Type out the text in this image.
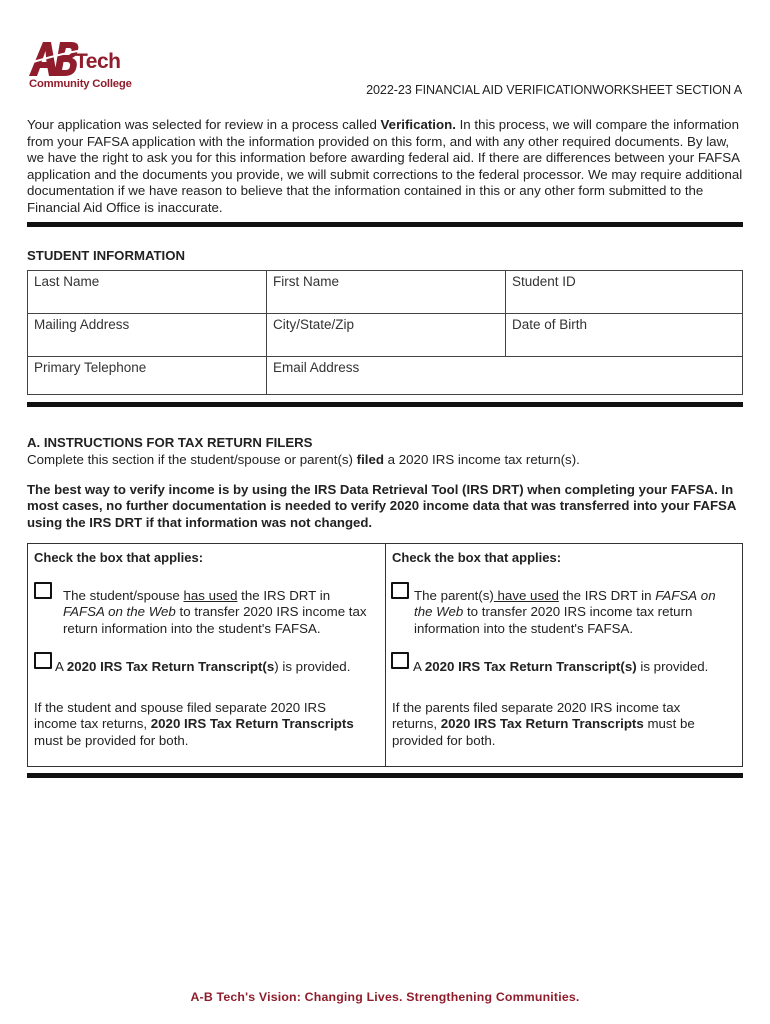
Tech
Community College	2022-23 FINANCIAL AID VERIFICATIONWORKSHEET SECTION A
Your application was selected for review in a process called Verification. In this process, we will compare the information from your FAFSA application with the information provided on this form, and with any other required documents. By law, we have the right to ask you for this information before awarding federal aid. If there are differences between your FAFSA application and the documents you provide, we will submit corrections to the federal processor. We may require additional documentation if we have reason to believe that the information contained in this or any other form submitted to the Financial Aid Office is inaccurate.
STUDENT INFORMATION
Last Name	First Name	Student ID
Mailing Address	City/State/Zip	Date of Birth
Primary Telephone	Email Address	
A. INSTRUCTIONS FOR TAX RETURN FILERS
Complete this section if the student/spouse or parent(s) filed a 2020 IRS income tax return(s).
The best way to verify income is by using the IRS Data Retrieval Tool (IRS DRT) when completing your FAFSA. In most cases, no further documentation is needed to verify 2020 income data that was transferred into your FAFSA using the IRS DRT if that information was not changed.
Check the box that applies:
The student/spouse has used the IRS DRT in FAFSA on the Web to transfer 2020 IRS income tax return information into the student's FAFSA.
A 2020 IRS Tax Return Transcript(s) is provided.
If the student and spouse filed separate 2020 IRS income tax returns, 2020 IRS Tax Return Transcripts must be provided for both.
Check the box that applies:
The parent(s) have used the IRS DRT in FAFSA on the Web to transfer 2020 IRS income tax return information into the student's FAFSA.
A 2020 IRS Tax Return Transcript(s) is provided.
If the parents filed separate 2020 IRS income tax returns, 2020 IRS Tax Return Transcripts must be provided for both.
A-B Tech's Vision: Changing Lives. Strengthening Communities.
